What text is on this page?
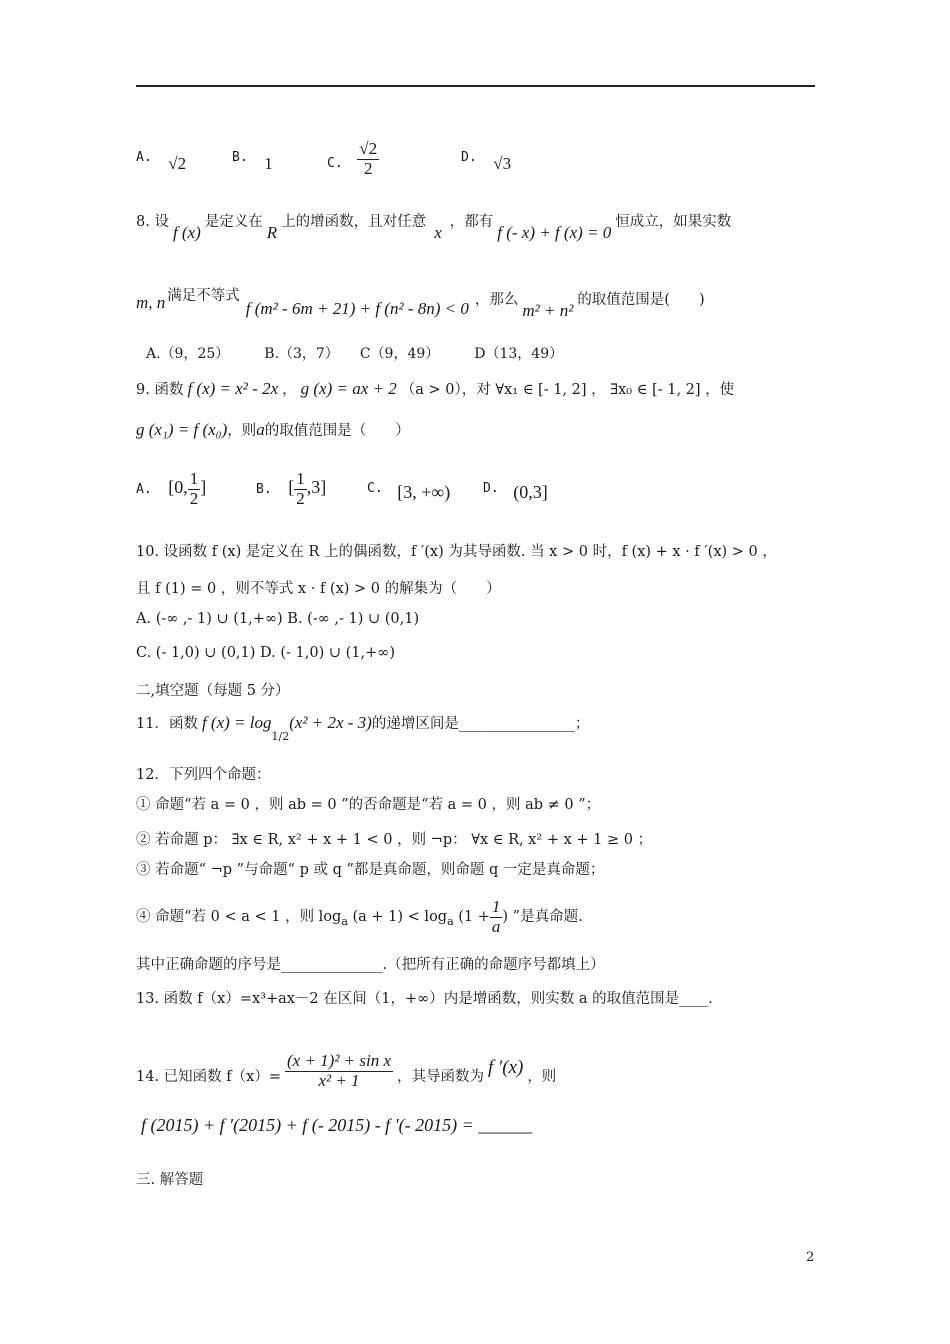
A. √2	B. 1	C. $\frac{√2}{2}$	D. √3
8. 设f (x)是定义在R上的增函数，且对任意x，都有f (- x) + f (x) = 0恒成立，如果实数
m, n 满足不等式f (m² - 6m + 21) + f (n² - 8n) < 0 ，那么m² + n²的取值范围是(　　)
A.（9，25）　　　B.（3，7）　　C（9，49）　　　D（13，49）
9. 函数 f (x) = x² - 2x ， g (x) = ax + 2 （a > 0），对 ∀x₁ ∈ [- 1, 2] ， ∃x₀ ∈ [- 1, 2] ，使
g (x₁) = f (x₀)，则a的取值范围是（　　）
A. [0, $\frac{1}{2}$ ]	B. [ $\frac{1}{2} ,3$]	C. [3, +∞)	D. (0,3]
10. 设函数 f (x) 是定义在 R 上的偶函数，f ′(x) 为其导函数. 当 x > 0 时，f (x) + x · f ′(x) > 0 ，
且 f (1) = 0 ，则不等式 x · f (x) > 0 的解集为（　　）
A. (-∞ ,- 1) ∪ (1,+∞) B. (-∞ ,- 1) ∪ (0,1)
C. (- 1,0) ∪ (0,1) D. (- 1,0) ∪ (1,+∞)
二,填空题（每题 5 分）
11．函数 f $(x) = \log_{1/2}(x^2 + 2x - 3)$的递增区间是________________；
12．下列四个命题：
① 命题“若 a = 0 ，则 ab = 0 ”的否命题是“若 a = 0 ，则 ab ≠ 0 ”；
② 若命题 p： ∃x ∈ R, x² + x + 1 < 0 ，则 ¬p： ∀x ∈ R, x² + x + 1 ≥ 0 ；
③ 若命题“ ¬p ”与命题“ p 或 q ”都是真命题，则命题 q 一定是真命题；
④ 命题“若 0 < a < 1 ，则 $\log_a (a + 1) < \log_a (1 + \frac{1}{a}$ ) ”是真命题.
其中正确命题的序号是______________.（把所有正确的命题序号都填上）
13. 函数 f（x）=x³+ax－2 在区间（1，+∞）内是增函数，则实数 a 的取值范围是____.
14. 已知函数 $f(x)= \frac{\text{(x + 1)² + sin x}}{\text{x² + 1}}$ ，其导函数为 f ′(x) ，则
f (2015) + f ′(2015) + f (- 2015) - f ′(- 2015) = ______
三. 解答题
2
